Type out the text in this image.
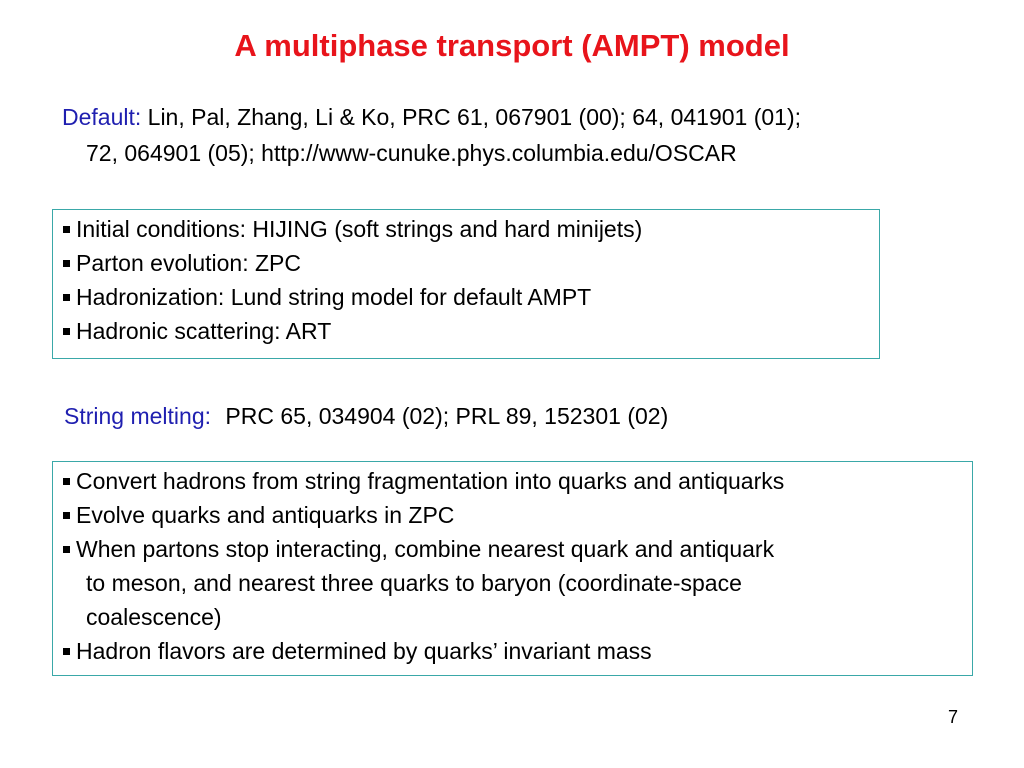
A multiphase transport (AMPT) model
Default: Lin, Pal, Zhang, Li & Ko, PRC 61, 067901 (00); 64, 041901 (01);
72, 064901 (05); http://www-cunuke.phys.columbia.edu/OSCAR
Initial conditions: HIJING (soft strings and hard minijets)
Parton evolution: ZPC
Hadronization: Lund string model for default AMPT
Hadronic scattering: ART
String melting: PRC 65, 034904 (02); PRL 89, 152301 (02)
Convert hadrons from string fragmentation into quarks and antiquarks
Evolve quarks and antiquarks in ZPC
When partons stop interacting, combine nearest quark and antiquark
to meson, and nearest three quarks to baryon (coordinate-space
coalescence)
Hadron flavors are determined by quarks’ invariant mass
7
